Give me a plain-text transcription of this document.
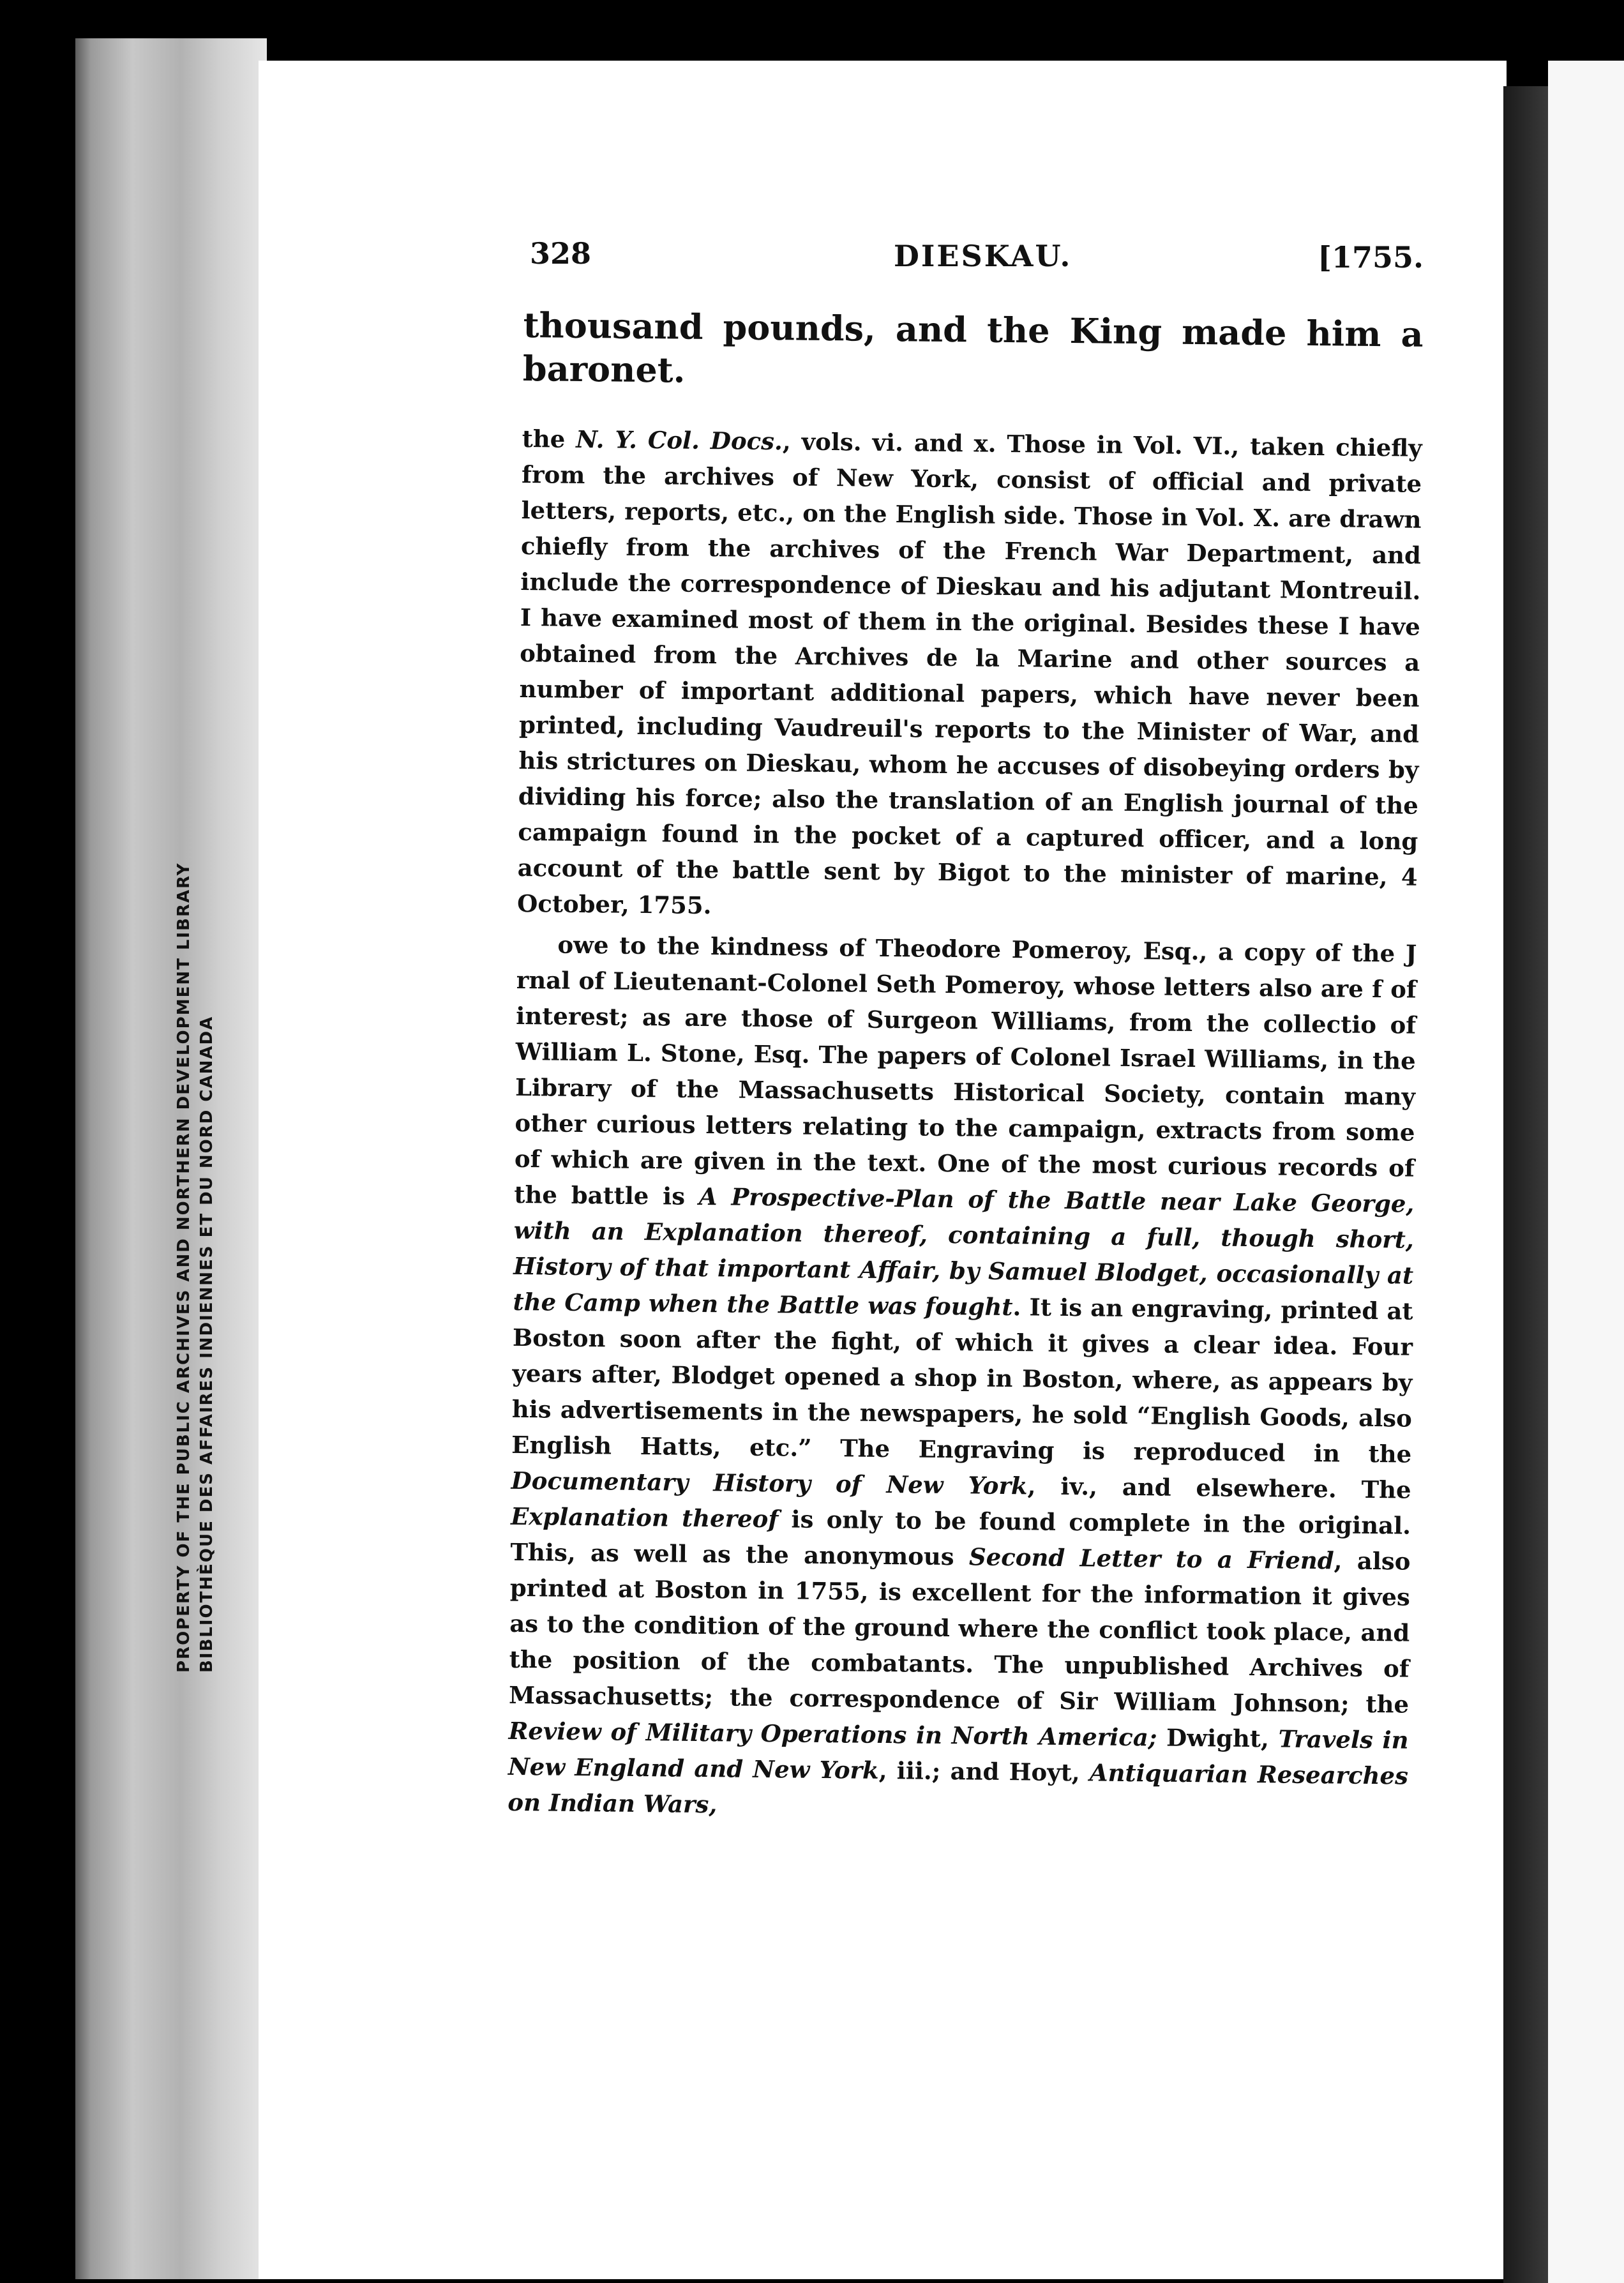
PROPERTY OF THE PUBLIC ARCHIVES AND NORTHERN DEVELOPMENT LIBRARY BIBLIOTHÈQUE DES AFFAIRES INDIENNES ET DU NORD CANADA
328	DIESKAU.	[1755.

thousand pounds, and the King made him a baronet.

the N. Y. Col. Docs., vols. vi. and x. Those in Vol. VI., taken chiefly from the archives of New York, consist of official and private letters, reports, etc., on the English side. Those in Vol. X. are drawn chiefly from the archives of the French War Department, and include the correspondence of Dieskau and his adjutant Montreuil. I have examined most of them in the original. Besides these I have obtained from the Archives de la Marine and other sources a number of important additional papers, which have never been printed, including Vaudreuil's reports to the Minister of War, and his strictures on Dieskau, whom he accuses of disobeying orders by dividing his force; also the translation of an English journal of the campaign found in the pocket of a captured officer, and a long account of the battle sent by Bigot to the minister of marine, 4 October, 1755.

owe to the kindness of Theodore Pomeroy, Esq., a copy of the J rnal of Lieutenant-Colonel Seth Pomeroy, whose letters also are f of interest; as are those of Surgeon Williams, from the collectio of William L. Stone, Esq. The papers of Colonel Israel Williams, in the Library of the Massachusetts Historical Society, contain many other curious letters relating to the campaign, extracts from some of which are given in the text. One of the most curious records of the battle is A Prospective-Plan of the Battle near Lake George, with an Explanation thereof, containing a full, though short, History of that important Affair, by Samuel Blodget, occasionally at the Camp when the Battle was fought. It is an engraving, printed at Boston soon after the fight, of which it gives a clear idea. Four years after, Blodget opened a shop in Boston, where, as appears by his advertisements in the newspapers, he sold “English Goods, also English Hatts, etc.” The Engraving is reproduced in the Documentary History of New York, iv., and elsewhere. The Explanation thereof is only to be found complete in the original. This, as well as the anonymous Second Letter to a Friend, also printed at Boston in 1755, is excellent for the information it gives as to the condition of the ground where the conflict took place, and the position of the combatants. The unpublished Archives of Massachusetts; the correspondence of Sir William Johnson; the Review of Military Operations in North America; Dwight, Travels in New England and New York, iii.; and Hoyt, Antiquarian Researches on Indian Wars,
